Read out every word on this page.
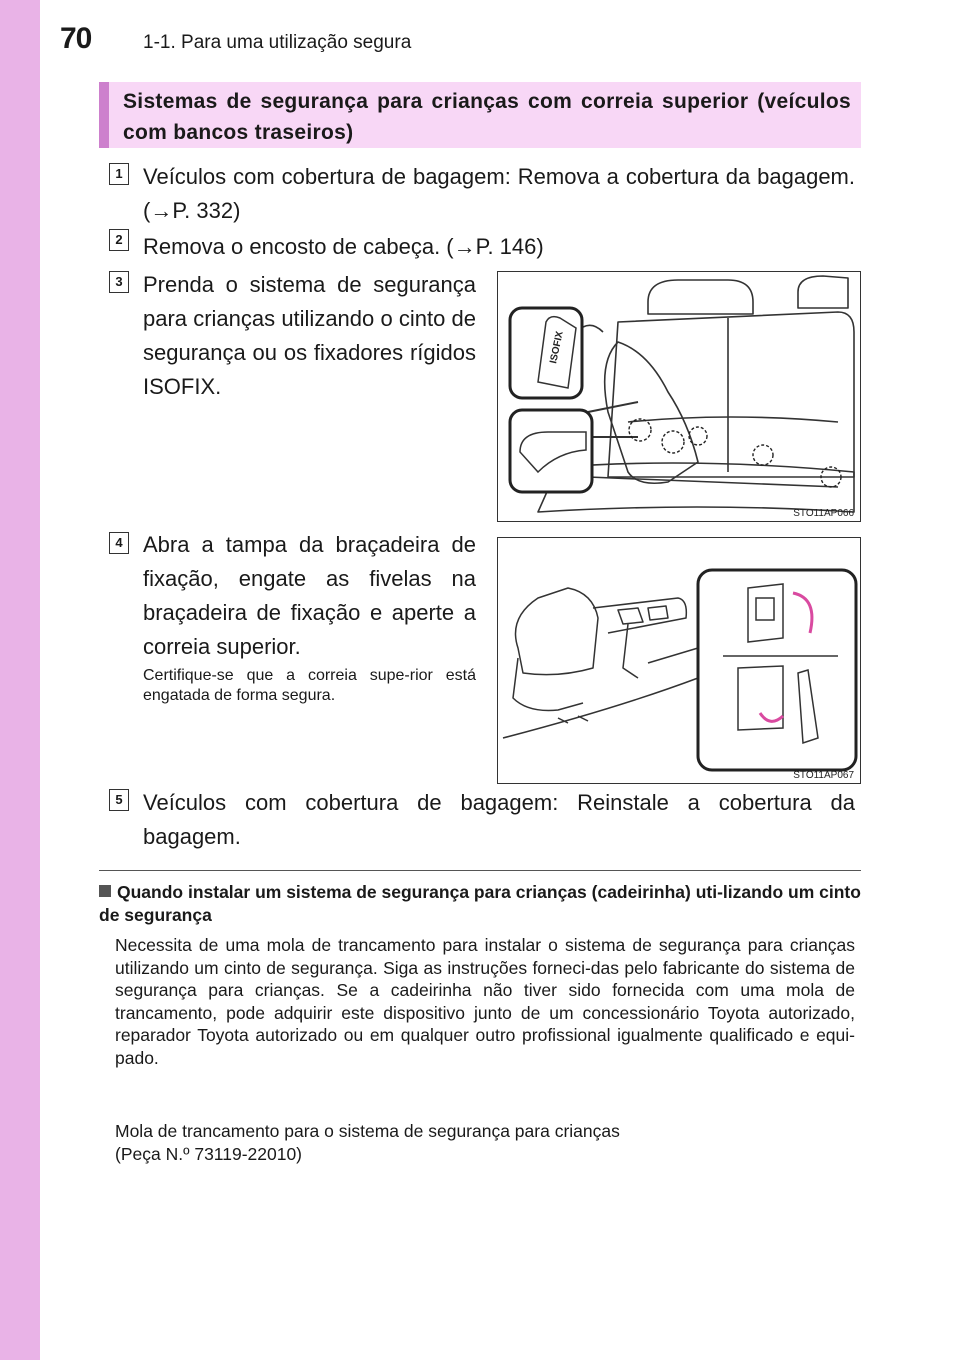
70	1-1. Para uma utilização segura
Sistemas de segurança para crianças com correia superior (veículos com bancos traseiros)
1 Veículos com cobertura de bagagem: Remova a cobertura da bagagem. (→P. 332)
2 Remova o encosto de cabeça. (→P. 146)
3 Prenda o sistema de segurança para crianças utilizando o cinto de segurança ou os fixadores rígidos ISOFIX.
ISOFIX
STO11AP066
4 Abra a tampa da braçadeira de fixação, engate as fivelas na braçadeira de fixação e aperte a correia superior.
Certifique-se que a correia supe-rior está engatada de forma segura.
STO11AP067
5 Veículos com cobertura de bagagem: Reinstale a cobertura da bagagem.
Quando instalar um sistema de segurança para crianças (cadeirinha) uti-lizando um cinto de segurança
Necessita de uma mola de trancamento para instalar o sistema de segurança para crianças utilizando um cinto de segurança. Siga as instruções forneci-das pelo fabricante do sistema de segurança para crianças. Se a cadeirinha não tiver sido fornecida com uma mola de trancamento, pode adquirir este dispositivo junto de um concessionário Toyota autorizado, reparador Toyota autorizado ou em qualquer outro profissional igualmente qualificado e equi-pado.
Mola de trancamento para o sistema de segurança para crianças
(Peça N.º 73119-22010)
